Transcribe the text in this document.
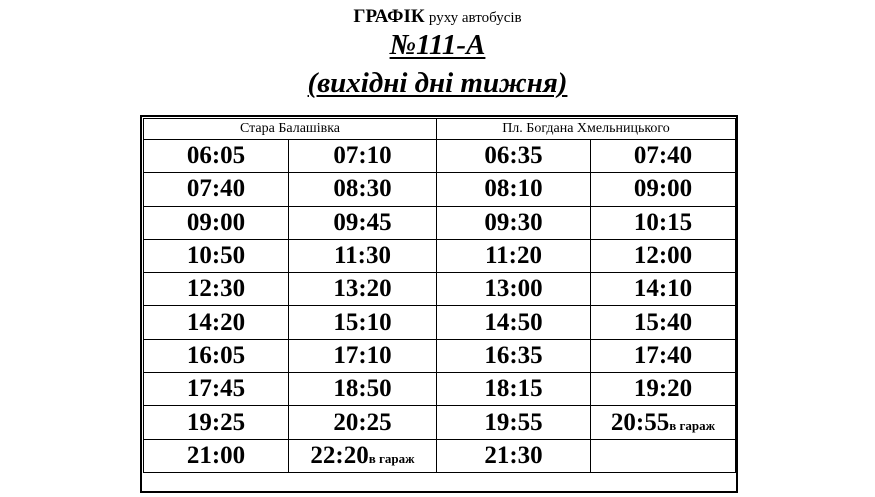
ГРАФІК руху автобусів
№111-А
(вихідні дні тижня)
Стара Балашівка		Пл. Богдана Хмельницького	
06:05	07:10	06:35	07:40
07:40	08:30	08:10	09:00
09:00	09:45	09:30	10:15
10:50	11:30	11:20	12:00
12:30	13:20	13:00	14:10
14:20	15:10	14:50	15:40
16:05	17:10	16:35	17:40
17:45	18:50	18:15	19:20
19:25	20:25	19:55	20:55в гараж
21:00	22:20в гараж	21:30	
